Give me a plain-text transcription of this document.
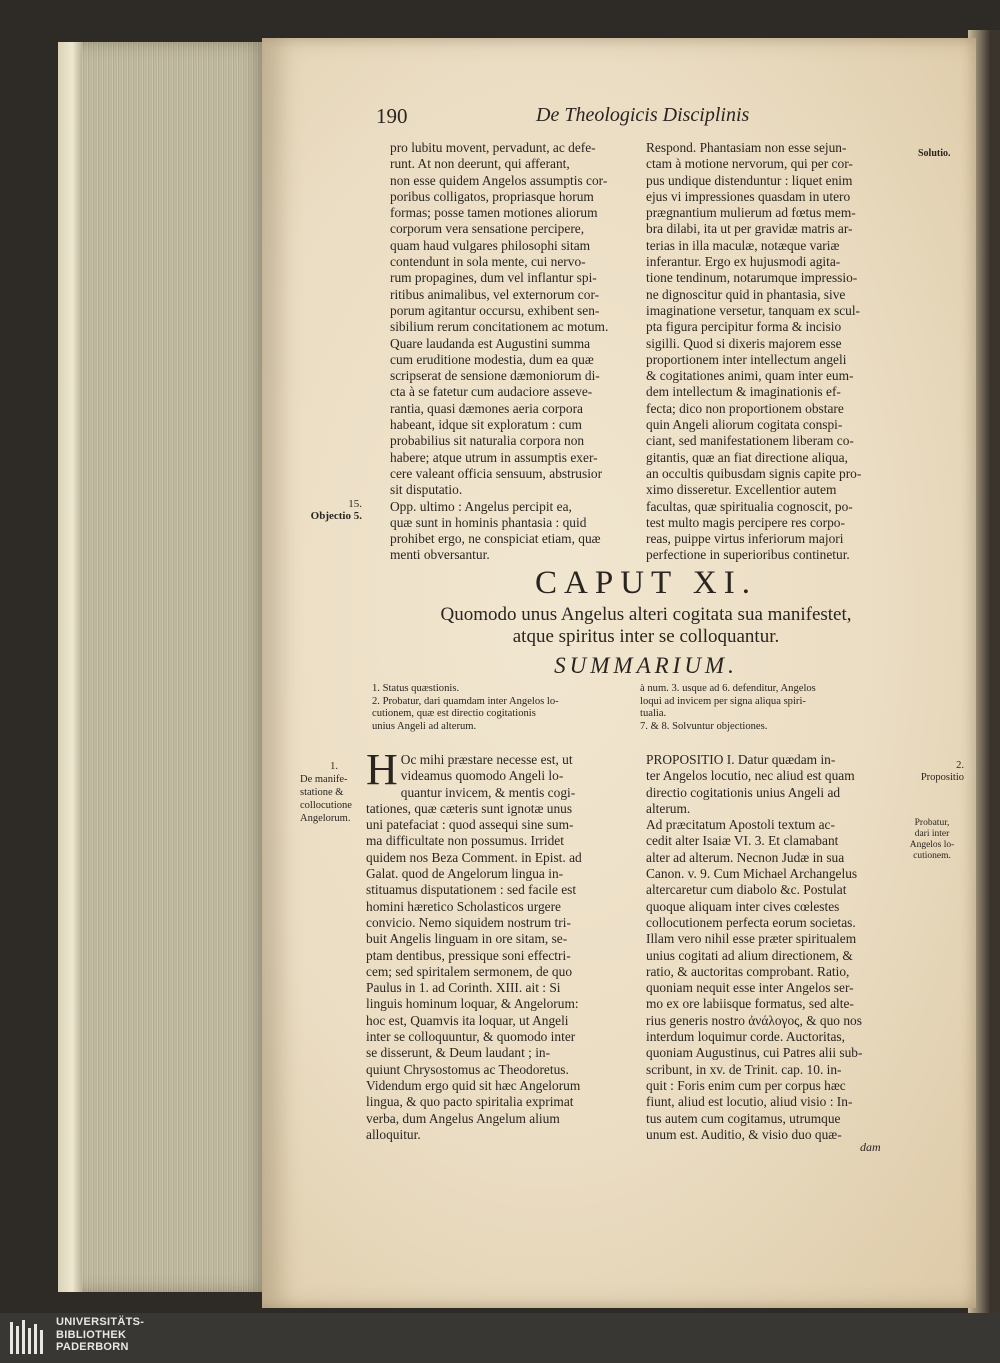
190	De Theologicis Disciplinis
Solutio.
15.
Objectio 5.

pro lubitu movent, pervadunt, ac defe-

runt. At non deerunt, qui afferant,

non esse quidem Angelos assumptis cor-

poribus colligatos, propriasque horum

formas; posse tamen motiones aliorum

corporum vera sensatione percipere,

quam haud vulgares philosophi sitam

contendunt in sola mente, cui nervo-

rum propagines, dum vel inflantur spi-

ritibus animalibus, vel externorum cor-

porum agitantur occursu, exhibent sen-

sibilium rerum concitationem ac motum.

Quare laudanda est Augustini summa

cum eruditione modestia, dum ea quæ

scripserat de sensione dæmoniorum di-

cta à se fatetur cum audaciore asseve-

rantia, quasi dæmones aeria corpora

habeant, idque sit exploratum : cum

probabilius sit naturalia corpora non

habere; atque utrum in assumptis exer-

cere valeant officia sensuum, abstrusior

sit disputatio.

Opp. ultimo : Angelus percipit ea,

quæ sunt in hominis phantasia : quid

prohibet ergo, ne conspiciat etiam, quæ

menti obversantur.

Respond. Phantasiam non esse sejun-

ctam à motione nervorum, qui per cor-

pus undique distenduntur : liquet enim

ejus vi impressiones quasdam in utero

prægnantium mulierum ad fœtus mem-

bra dilabi, ita ut per gravidæ matris ar-

terias in illa maculæ, notæque variæ

inferantur. Ergo ex hujusmodi agita-

tione tendinum, notarumque impressio-

ne dignoscitur quid in phantasia, sive

imaginatione versetur, tanquam ex scul-

pta figura percipitur forma & incisio

sigilli. Quod si dixeris majorem esse

proportionem inter intellectum angeli

& cogitationes animi, quam inter eum-

dem intellectum & imaginationis ef-

fecta; dico non proportionem obstare

quin Angeli aliorum cogitata conspi-

ciant, sed manifestationem liberam co-

gitantis, quæ an fiat directione aliqua,

an occultis quibusdam signis capite pro-

ximo disseretur. Excellentior autem

facultas, quæ spiritualia cognoscit, po-

test multo magis percipere res corpo-

reas, puippe virtus inferiorum majori

perfectione in superioribus continetur.

CAPUT XI.
Quomodo unus Angelus alteri cogitata sua manifestet,
atque spiritus inter se colloquantur.
SUMMARIUM.

1. Status quæstionis.

2. Probatur, dari quamdam inter Angelos lo-

cutionem, quæ est directio cogitationis

unius Angeli ad alterum.

à num. 3. usque ad 6. defenditur, Angelos

loqui ad invicem per signa aliqua spiri-

tualia.

7. & 8. Solvuntur objectiones.

1.
De manife-
statione &
collocutione
Angelorum.
2.
Propositio
Probatur,
dari inter
Angelos lo-
cutionem.
H Oc mihi præstare necesse est, ut

videamus quomodo Angeli lo-

quantur invicem, & mentis cogi-

tationes, quæ cæteris sunt ignotæ unus

uni patefaciat : quod assequi sine sum-

ma difficultate non possumus. Irridet

quidem nos Beza Comment. in Epist. ad

Galat. quod de Angelorum lingua in-

stituamus disputationem : sed facile est

homini hæretico Scholasticos urgere

convicio. Nemo siquidem nostrum tri-

buit Angelis linguam in ore sitam, se-

ptam dentibus, pressique soni effectri-

cem; sed spiritalem sermonem, de quo

Paulus in 1. ad Corinth. XIII. ait : Si

linguis hominum loquar, & Angelorum:

hoc est, Quamvis ita loquar, ut Angeli

inter se colloquuntur, & quomodo inter

se disserunt, & Deum laudant ; in-

quiunt Chrysostomus ac Theodoretus.

Videndum ergo quid sit hæc Angelorum

lingua, & quo pacto spiritalia exprimat

verba, dum Angelus Angelum alium

alloquitur.

PROPOSITIO I. Datur quædam in-

ter Angelos locutio, nec aliud est quam

directio cogitationis unius Angeli ad

alterum.

Ad præcitatum Apostoli textum ac-

cedit alter Isaiæ VI. 3. Et clamabant

alter ad alterum. Necnon Judæ in sua

Canon. v. 9. Cum Michael Archangelus

altercaretur cum diabolo &c. Postulat

quoque aliquam inter cives cœlestes

collocutionem perfecta eorum societas.

Illam vero nihil esse præter spiritualem

unius cogitati ad alium directionem, &

ratio, & auctoritas comprobant. Ratio,

quoniam nequit esse inter Angelos ser-

mo ex ore labiisque formatus, sed alte-

rius generis nostro ἀνάλογος, & quo nos

interdum loquimur corde. Auctoritas,

quoniam Augustinus, cui Patres alii sub-

scribunt, in xv. de Trinit. cap. 10. in-

quit : Foris enim cum per corpus hæc

fiunt, aliud est locutio, aliud visio : In-

tus autem cum cogitamus, utrumque

unum est. Auditio, & visio duo quæ-

dam
UNIVERSITÄTS-
BIBLIOTHEK
PADERBORN
